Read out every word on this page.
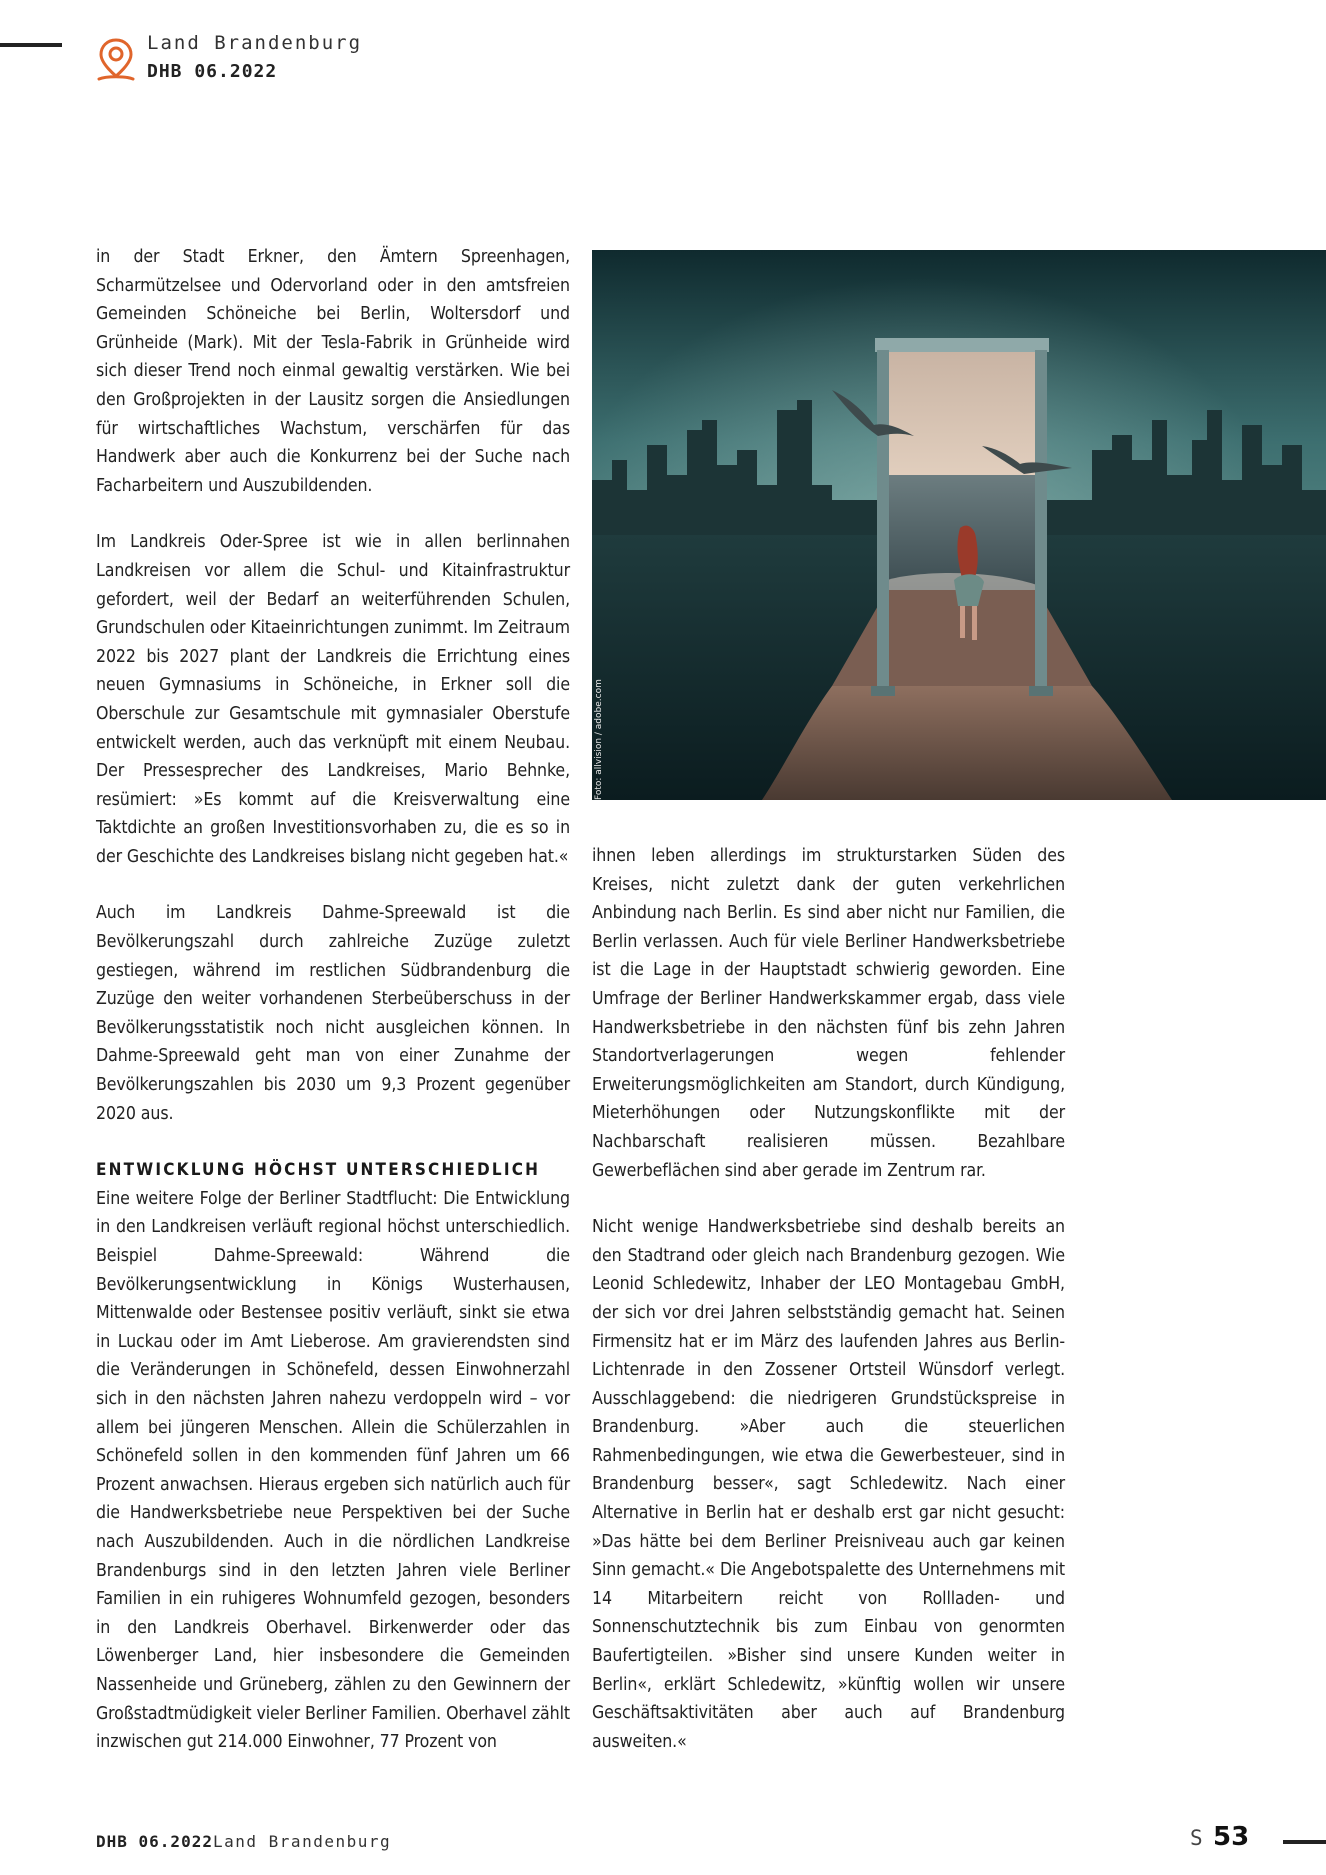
Land Brandenburg
DHB 06.2022

in der Stadt Erkner, den Ämtern Spreenhagen, Scharmützelsee und Odervorland oder in den amtsfreien Gemeinden Schöneiche bei Berlin, Woltersdorf und Grünheide (Mark). Mit der Tesla-Fabrik in Grünheide wird sich dieser Trend noch einmal gewaltig verstärken. Wie bei den Großprojekten in der Lausitz sorgen die Ansiedlungen für wirtschaftliches Wachstum, verschärfen für das Handwerk aber auch die Konkurrenz bei der Suche nach Facharbeitern und Auszubildenden.

Im Landkreis Oder-Spree ist wie in allen berlinnahen Landkreisen vor allem die Schul- und Kitainfrastruktur gefordert, weil der Bedarf an weiterführenden Schulen, Grundschulen oder Kitaeinrichtungen zunimmt. Im Zeitraum 2022 bis 2027 plant der Landkreis die Errichtung eines neuen Gymnasiums in Schöneiche, in Erkner soll die Oberschule zur Gesamtschule mit gymnasialer Oberstufe entwickelt werden, auch das verknüpft mit einem Neubau. Der Pressesprecher des Landkreises, Mario Behnke, resümiert: »Es kommt auf die Kreisverwaltung eine Taktdichte an großen Investitionsvorhaben zu, die es so in der Geschichte des Landkreises bislang nicht gegeben hat.«

Auch im Landkreis Dahme-Spreewald ist die Bevölkerungszahl durch zahlreiche Zuzüge zuletzt gestiegen, während im restlichen Südbrandenburg die Zuzüge den weiter vorhandenen Sterbeüberschuss in der Bevölkerungsstatistik noch nicht ausgleichen können. In Dahme-Spreewald geht man von einer Zunahme der Bevölkerungszahlen bis 2030 um 9,3 Prozent gegenüber 2020 aus.

ENTWICKLUNG HÖCHST UNTERSCHIEDLICH

Eine weitere Folge der Berliner Stadtflucht: Die Entwicklung in den Landkreisen verläuft regional höchst unterschiedlich. Beispiel Dahme-Spreewald: Während die Bevölkerungsentwicklung in Königs Wusterhausen, Mittenwalde oder Bestensee positiv verläuft, sinkt sie etwa in Luckau oder im Amt Lieberose. Am gravierendsten sind die Veränderungen in Schönefeld, dessen Einwohnerzahl sich in den nächsten Jahren nahezu verdoppeln wird – vor allem bei jüngeren Menschen. Allein die Schülerzahlen in Schönefeld sollen in den kommenden fünf Jahren um 66 Prozent anwachsen. Hieraus ergeben sich natürlich auch für die Handwerksbetriebe neue Perspektiven bei der Suche nach Auszubildenden. Auch in die nördlichen Landkreise Brandenburgs sind in den letzten Jahren viele Berliner Familien in ein ruhigeres Wohnumfeld gezogen, besonders in den Landkreis Oberhavel. Birkenwerder oder das Löwenberger Land, hier insbesondere die Gemeinden Nassenheide und Grüneberg, zählen zu den Gewinnern der Großstadtmüdigkeit vieler Berliner Familien. Oberhavel zählt inzwischen gut 214.000 Einwohner, 77 Prozent von

Foto: allvision / adobe.com

ihnen leben allerdings im strukturstarken Süden des Kreises, nicht zuletzt dank der guten verkehrlichen Anbindung nach Berlin. Es sind aber nicht nur Familien, die Berlin verlassen. Auch für viele Berliner Handwerksbetriebe ist die Lage in der Hauptstadt schwierig geworden. Eine Umfrage der Berliner Handwerkskammer ergab, dass viele Handwerksbetriebe in den nächsten fünf bis zehn Jahren Standortverlagerungen wegen fehlender Erweiterungsmöglichkeiten am Standort, durch Kündigung, Mieterhöhungen oder Nutzungskonflikte mit der Nachbarschaft realisieren müssen. Bezahlbare Gewerbeflächen sind aber gerade im Zentrum rar.

Nicht wenige Handwerksbetriebe sind deshalb bereits an den Stadtrand oder gleich nach Brandenburg gezogen. Wie Leonid Schledewitz, Inhaber der LEO Montagebau GmbH, der sich vor drei Jahren selbstständig gemacht hat. Seinen Firmensitz hat er im März des laufenden Jahres aus Berlin-Lichtenrade in den Zossener Ortsteil Wünsdorf verlegt. Ausschlaggebend: die niedrigeren Grundstückspreise in Brandenburg. »Aber auch die steuerlichen Rahmenbedingungen, wie etwa die Gewerbesteuer, sind in Brandenburg besser«, sagt Schledewitz. Nach einer Alternative in Berlin hat er deshalb erst gar nicht gesucht: »Das hätte bei dem Berliner Preisniveau auch gar keinen Sinn gemacht.« Die Angebotspalette des Unternehmens mit 14 Mitarbeitern reicht von Rollladen- und Sonnenschutztechnik bis zum Einbau von genormten Baufertigteilen. »Bisher sind unsere Kunden weiter in Berlin«, erklärt Schledewitz, »künftig wollen wir unsere Geschäftsaktivitäten aber auch auf Brandenburg ausweiten.«

DHB 06.2022 Land Brandenburg	S 53
